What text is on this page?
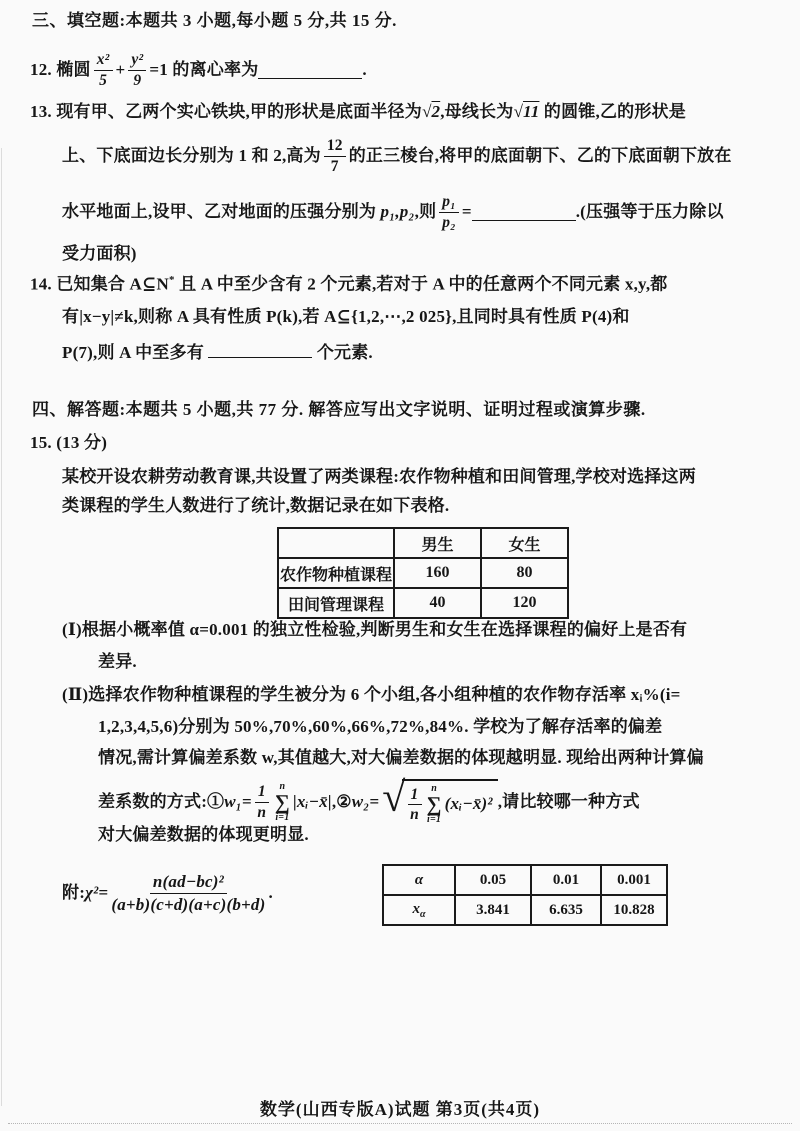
三、填空题:本题共 3 小题,每小题 5 分,共 15 分.
12.
椭圆 $\frac{\text{x²}}{5} + \frac{\text{y²}}{9} =1$
的离心率为	.
13.
现有甲、乙两个实心铁块,甲的形状是底面半径为 √ 2 ,母线长为 √ 11
的圆锥,乙的形状是
上、下底面边长分别为 1 和 2,高为 $\frac{12}{7}$ 的正三棱台,将甲的底面朝下、乙的下底面朝下放在
水平地面上,设甲、乙对地面的压强分别为
p₁,p₂ ,则 $\frac{\text{p₁}}{\text{p₂}}$ =	.(压强等于压力除以
受力面积)
14. 已知集合 A⊆N* 且 A 中至少含有 2 个元素,若对于 A 中的任意两个不同元素 x,y,都
有|x−y|≠k,则称 A 具有性质 P(k),若 A⊆{1,2,⋯,2 025},且同时具有性质 P(4)和
P(7),则 A 中至多有	个元素.
四、解答题:本题共 5 小题,共 77 分. 解答应写出文字说明、证明过程或演算步骤.
15. (13 分)
某校开设农耕劳动教育课,共设置了两类课程:农作物种植和田间管理,学校对选择这两
类课程的学生人数进行了统计,数据记录在如下表格.
	男生	女生
农作物种植课程	160	80
田间管理课程	40	120
(Ⅰ)根据小概率值 α=0.001 的独立性检验,判断男生和女生在选择课程的偏好上是否有
差异.
(Ⅱ)选择农作物种植课程的学生被分为 6 个小组,各小组种植的农作物存活率 xᵢ%(i=
1,2,3,4,5,6)分别为 50%,70%,60%,66%,72%,84%. 学校为了解存活率的偏差
情况,需计算偏差系数 w,其值越大,对大偏差数据的体现越明显. 现给出两种计算偏
差系数的方式:① $w_1= \frac{1}{n}$ n
∑
i=1
|xᵢ−x̄| ,② w₂= √ $\frac{1}{n}$ n
∑
i=1
(xᵢ−x̄)² ,请比较哪一种方式
对大偏差数据的体现更明显.
附: $\chi^2 = \frac{\text{n(ad−bc)²}}{(a+b)(c+d)(a+c)(b+d)}$ .
α	0.05	0.01	0.001
$x_\alpha$	3.841	6.635	10.828
数学(山西专版A)试题 第3页(共4页)
